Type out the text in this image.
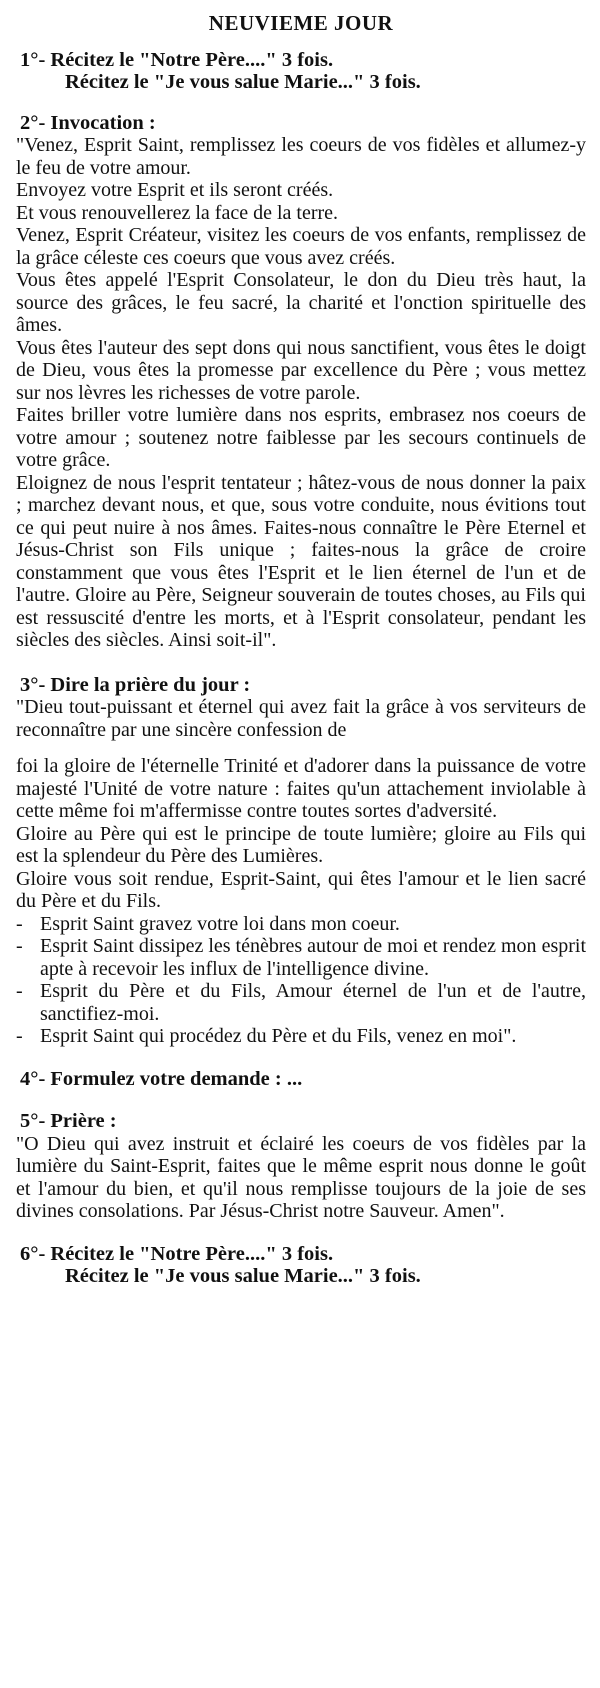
NEUVIEME JOUR
1°- Récitez le "Notre Père...." 3 fois.
Récitez le "Je vous salue Marie..." 3 fois.
2°- Invocation :

"Venez, Esprit Saint, remplissez les coeurs de vos fidèles et allumez-y le feu de votre amour.

Envoyez votre Esprit et ils seront créés.

Et vous renouvellerez la face de la terre.

Venez, Esprit Créateur, visitez les coeurs de vos enfants, remplissez de la grâce céleste ces coeurs que vous avez créés.

Vous êtes appelé l'Esprit Consolateur, le don du Dieu très haut, la source des grâces, le feu sacré, la charité et l'onction spirituelle des âmes.

Vous êtes l'auteur des sept dons qui nous sanctifient, vous êtes le doigt de Dieu, vous êtes la promesse par excellence du Père ; vous mettez sur nos lèvres les richesses de votre parole.

Faites briller votre lumière dans nos esprits, embrasez nos coeurs de votre amour ; soutenez notre faiblesse par les secours continuels de votre grâce.

Eloignez de nous l'esprit tentateur ; hâtez-vous de nous donner la paix ; marchez devant nous, et que, sous votre conduite, nous évitions tout ce qui peut nuire à nos âmes. Faites-nous connaître le Père Eternel et Jésus-Christ son Fils unique ; faites-nous la grâce de croire constamment que vous êtes l'Esprit et le lien éternel de l'un et de l'autre. Gloire au Père, Seigneur souverain de toutes choses, au Fils qui est ressuscité d'entre les morts, et à l'Esprit consolateur, pendant les siècles des siècles. Ainsi soit-il".

3°- Dire la prière du jour :

"Dieu tout-puissant et éternel qui avez fait la grâce à vos serviteurs de reconnaître par une sincère confession de

foi la gloire de l'éternelle Trinité et d'adorer dans la puissance de votre majesté l'Unité de votre nature : faites qu'un attachement inviolable à cette même foi m'affermisse contre toutes sortes d'adversité.

Gloire au Père qui est le principe de toute lumière; gloire au Fils qui est la splendeur du Père des Lumières.

Gloire vous soit rendue, Esprit-Saint, qui êtes l'amour et le lien sacré du Père et du Fils.

- Esprit Saint gravez votre loi dans mon coeur.
- Esprit Saint dissipez les ténèbres autour de moi et rendez mon esprit apte à recevoir les influx de l'intelligence divine.
- Esprit du Père et du Fils, Amour éternel de l'un et de l'autre, sanctifiez-moi.
- Esprit Saint qui procédez du Père et du Fils, venez en moi".
4°- Formulez votre demande : ...
5°- Prière :

"O Dieu qui avez instruit et éclairé les coeurs de vos fidèles par la lumière du Saint-Esprit, faites que le même esprit nous donne le goût et l'amour du bien, et qu'il nous remplisse toujours de la joie de ses divines consolations. Par Jésus-Christ notre Sauveur. Amen".

6°- Récitez le "Notre Père...." 3 fois.
Récitez le "Je vous salue Marie..." 3 fois.
